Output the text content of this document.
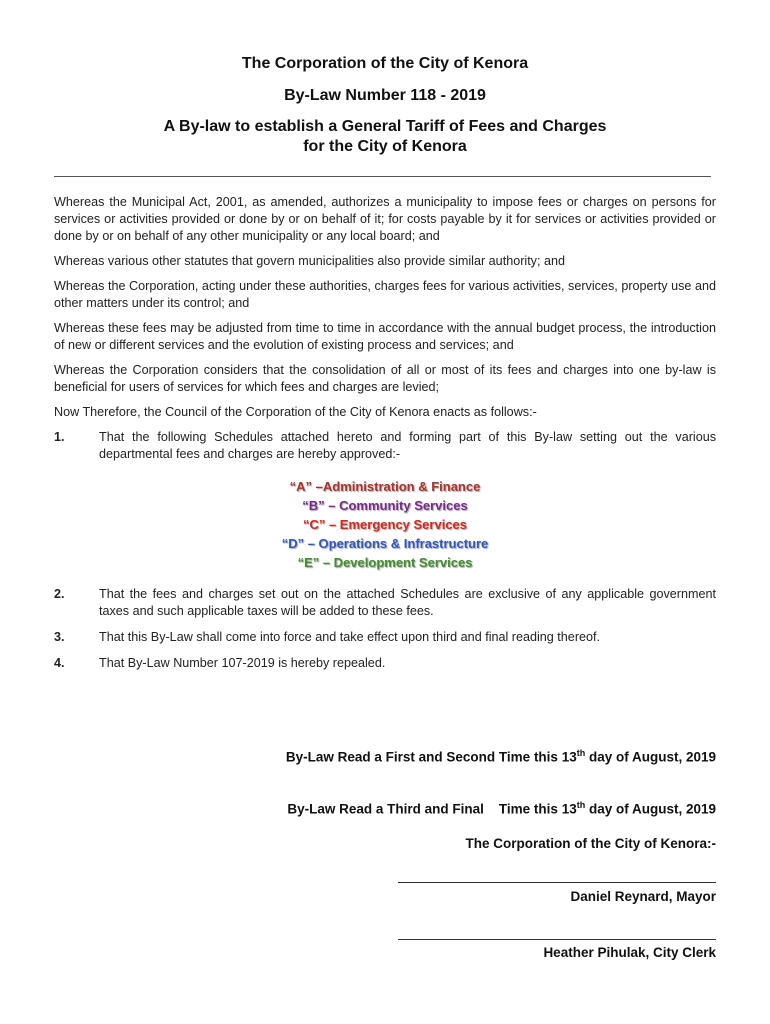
The Corporation of the City of Kenora

By-Law Number 118 - 2019

A By-law to establish a General Tariff of Fees and Charges

for the City of Kenora

Whereas the Municipal Act, 2001, as amended, authorizes a municipality to impose fees or charges on persons for services or activities provided or done by or on behalf of it; for costs payable by it for services or activities provided or done by or on behalf of any other municipality or any local board; and

Whereas various other statutes that govern municipalities also provide similar authority; and

Whereas the Corporation, acting under these authorities, charges fees for various activities, services, property use and other matters under its control; and

Whereas these fees may be adjusted from time to time in accordance with the annual budget process, the introduction of new or different services and the evolution of existing process and services; and

Whereas the Corporation considers that the consolidation of all or most of its fees and charges into one by-law is beneficial for users of services for which fees and charges are levied;

Now Therefore, the Council of the Corporation of the City of Kenora enacts as follows:-

1.	That the following Schedules attached hereto and forming part of this By-law setting out the various departmental fees and charges are hereby approved:-
“A” –Administration & Finance
“B” – Community Services
“C” – Emergency Services
“D” – Operations & Infrastructure
“E” – Development Services
2.	That the fees and charges set out on the attached Schedules are exclusive of any applicable government taxes and such applicable taxes will be added to these fees.
3.	That this By-Law shall come into force and take effect upon third and final reading thereof.
4.	That By-Law Number 107-2019 is hereby repealed.
By-Law Read a First and Second Time this 13th day of August, 2019

By-Law Read a Third and Final    Time this 13th day of August, 2019

The Corporation of the City of Kenora:-
Daniel Reynard, Mayor
Heather Pihulak, City Clerk
